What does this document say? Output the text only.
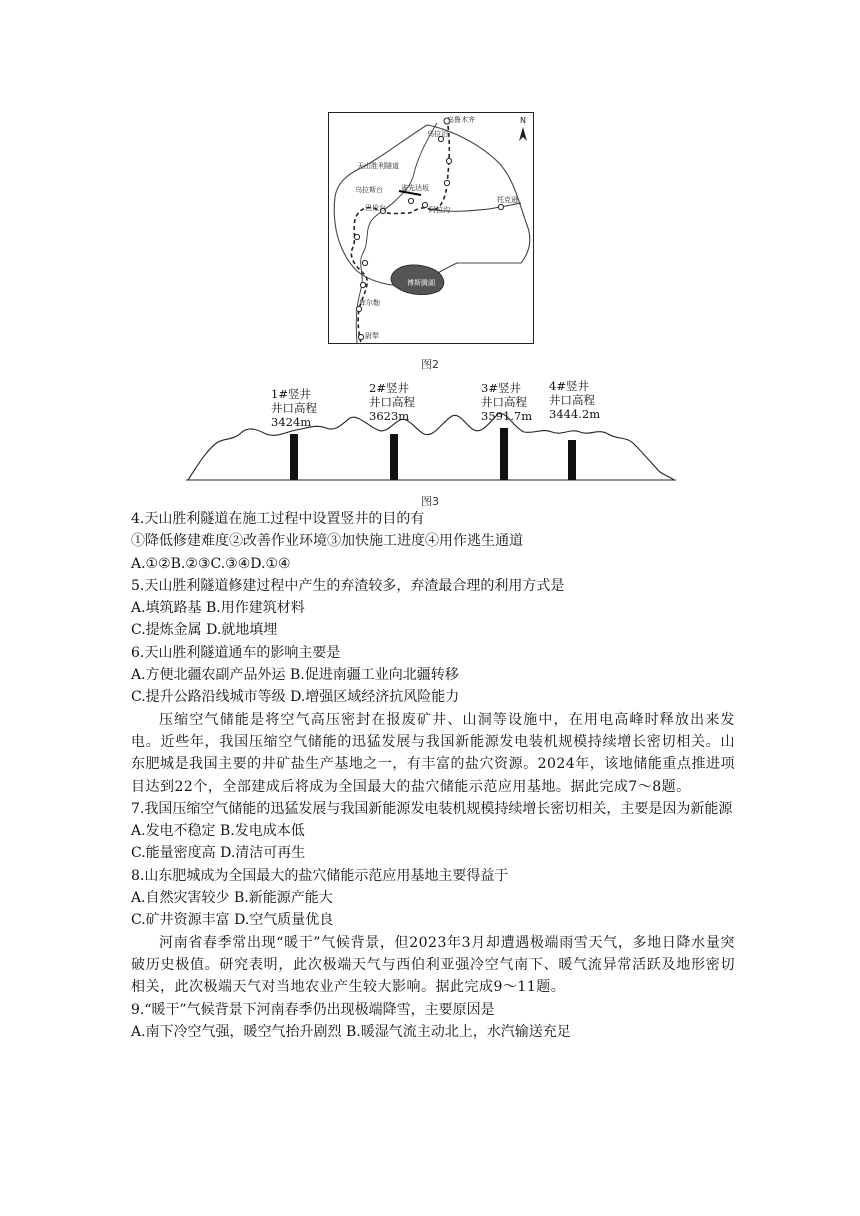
乌鲁木齐
乌拉泊
天山胜利隧道
乌拉斯台	雀先达坂
托克逊
巴伦台	阿拉沟
库尔勒
博斯腾湖
尉犁
N
图2
1#竖井
井口高程
3424m
2#竖井
井口高程
3623m
3#竖井
井口高程
3591.7m
4#竖井
井口高程
3444.2m
图3
4.天山胜利隧道在施工过程中设置竖井的目的有
①降低修建难度②改善作业环境③加快施工进度④用作逃生通道
A.①②B.②③C.③④D.①④
5.天山胜利隧道修建过程中产生的弃渣较多，弃渣最合理的利用方式是
A.填筑路基 B.用作建筑材料
C.提炼金属 D.就地填埋
6.天山胜利隧道通车的影响主要是
A.方便北疆农副产品外运 B.促进南疆工业向北疆转移
C.提升公路沿线城市等级 D.增强区域经济抗风险能力
压缩空气储能是将空气高压密封在报废矿井、山洞等设施中，在用电高峰时释放出来发电。近些年，我国压缩空气储能的迅猛发展与我国新能源发电装机规模持续增长密切相关。山东肥城是我国主要的井矿盐生产基地之一，有丰富的盐穴资源。2024年，该地储能重点推进项目达到22个，全部建成后将成为全国最大的盐穴储能示范应用基地。据此完成7～8题。
7.我国压缩空气储能的迅猛发展与我国新能源发电装机规模持续增长密切相关，主要是因为新能源
A.发电不稳定 B.发电成本低
C.能量密度高 D.清洁可再生
8.山东肥城成为全国最大的盐穴储能示范应用基地主要得益于
A.自然灾害较少 B.新能源产能大
C.矿井资源丰富 D.空气质量优良
河南省春季常出现“暖干”气候背景，但2023年3月却遭遇极端雨雪天气，多地日降水量突破历史极值。研究表明，此次极端天气与西伯利亚强冷空气南下、暖气流异常活跃及地形密切相关，此次极端天气对当地农业产生较大影响。据此完成9～11题。
9.“暖干”气候背景下河南春季仍出现极端降雪，主要原因是
A.南下冷空气强，暖空气抬升剧烈 B.暖湿气流主动北上，水汽输送充足
